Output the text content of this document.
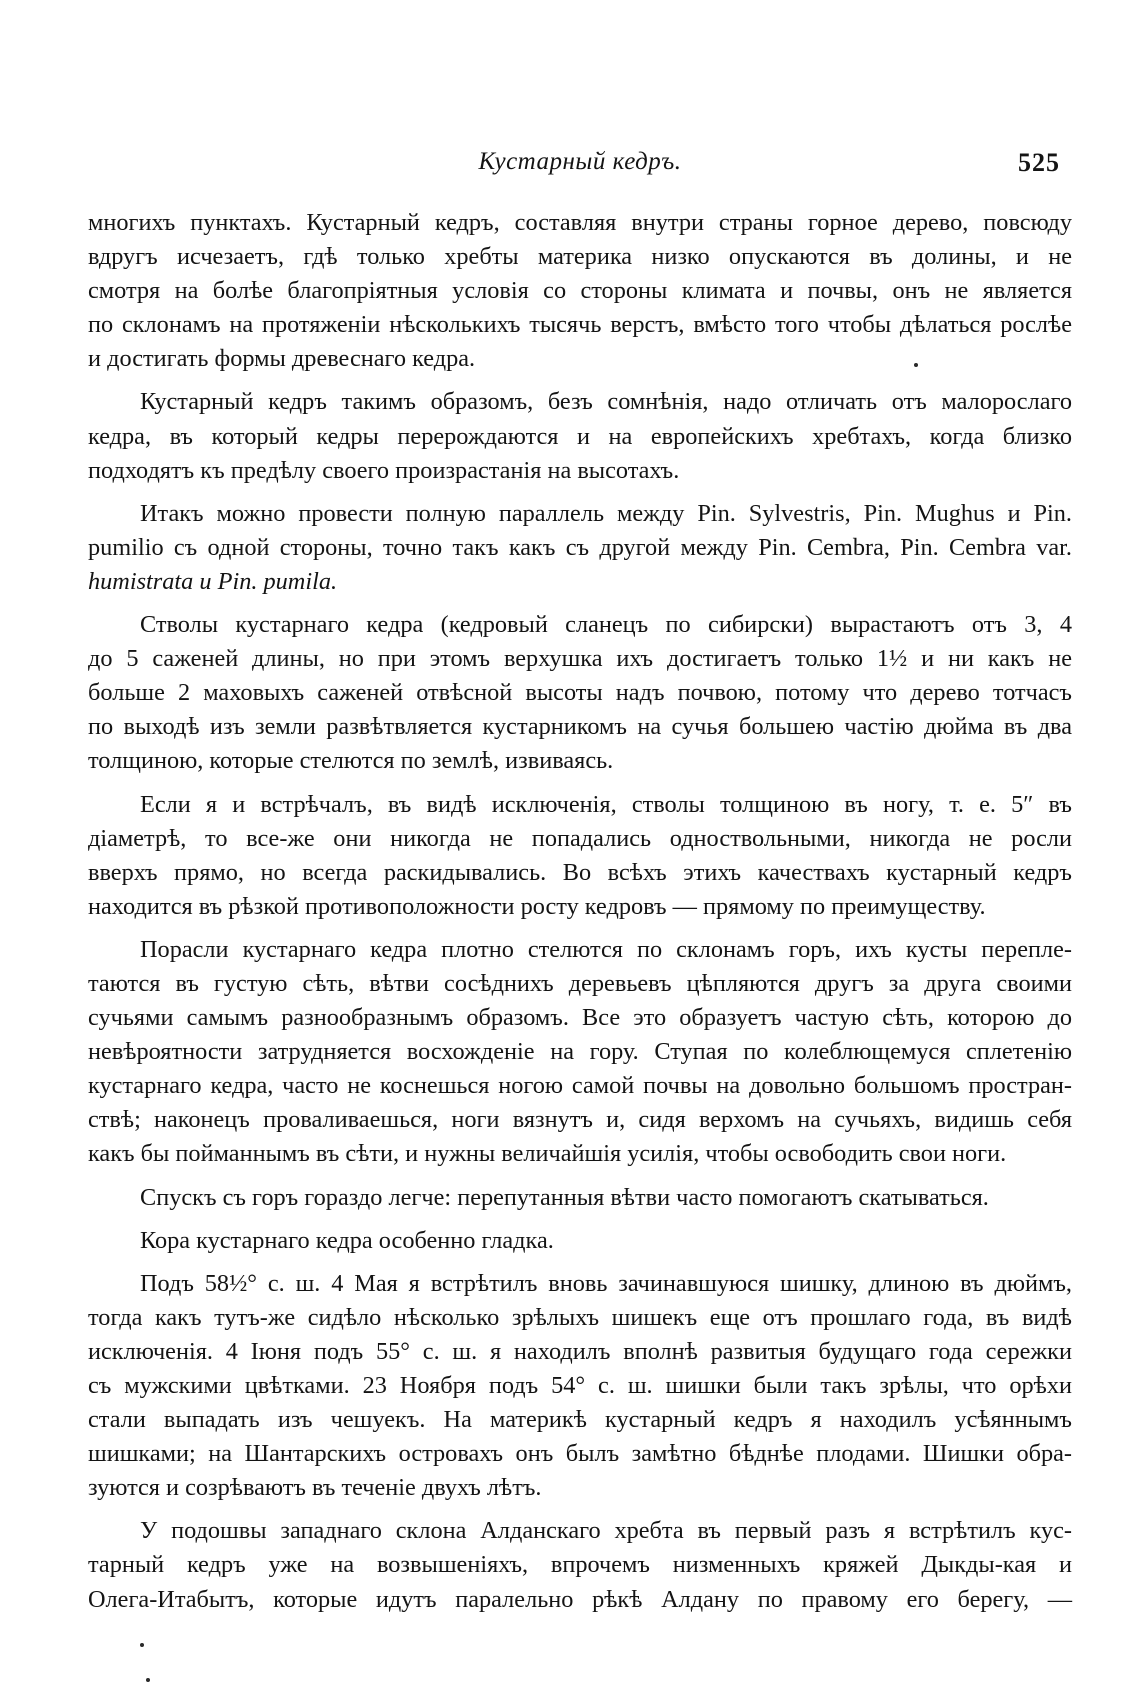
Кустарный кедръ.	525
многихъ пунктахъ. Кустарный кедръ, составляя внутри страны горное дерево, повсюду
вдругъ исчезаетъ, гдѣ только хребты материка низко опускаются въ долины, и не
смотря на болѣе благопріятныя условія со стороны климата и почвы, онъ не является
по склонамъ на протяженіи нѣсколькихъ тысячь верстъ, вмѣсто того чтобы дѣлаться рослѣе
и достигать формы древеснаго кедра.
Кустарный кедръ такимъ образомъ, безъ сомнѣнія, надо отличать отъ малорослаго
кедра, въ который кедры перерождаются и на европейскихъ хребтахъ, когда близко
подходятъ къ предѣлу своего произрастанія на высотахъ.
Итакъ можно провести полную параллель между Pin. Sylvestris, Pin. Mughus и Pin.
pumilio съ одной стороны, точно такъ какъ съ другой между Pin. Cembra, Pin. Cembra var.
humistrata и Pin. pumila.
Стволы кустарнаго кедра (кедровый сланецъ по сибирски) вырастаютъ отъ 3, 4
до 5 саженей длины, но при этомъ верхушка ихъ достигаетъ только 1½ и ни какъ не
больше 2 маховыхъ саженей отвѣсной высоты надъ почвою, потому что дерево тотчасъ
по выходѣ изъ земли развѣтвляется кустарникомъ на сучья большею частію дюйма въ два
толщиною, которые стелются по землѣ, извиваясь.
Если я и встрѣчалъ, въ видѣ исключенія, стволы толщиною въ ногу, т. е. 5″ въ
діаметрѣ, то все-же они никогда не попадались одноствольными, никогда не росли
вверхъ прямо, но всегда раскидывались. Во всѣхъ этихъ качествахъ кустарный кедръ
находится въ рѣзкой противоположности росту кедровъ — прямому по преимуществу.
Порасли кустарнаго кедра плотно стелются по склонамъ горъ, ихъ кусты переплe-
таются въ густую сѣть, вѣтви сосѣднихъ деревьевъ цѣпляются другъ за друга своими
сучьями самымъ разнообразнымъ образомъ. Все это образуетъ частую сѣть, которою до
невѣроятности затрудняется восхожденіе на гору. Ступая по колеблющемуся сплетенію
кустарнаго кедра, часто не коснешься ногою самой почвы на довольно большомъ простран-
ствѣ; наконецъ проваливаешься, ноги вязнутъ и, сидя верхомъ на сучьяхъ, видишь себя
какъ бы пойманнымъ въ сѣти, и нужны величайшія усилія, чтобы освободить свои ноги.
Спускъ съ горъ гораздо легче: перепутанныя вѣтви часто помогаютъ скатываться.
Кора кустарнаго кедра особенно гладка.
Подъ 58½° с. ш. 4 Мая я встрѣтилъ вновь зачинавшуюся шишку, длиною въ дюймъ,
тогда какъ тутъ-же сидѣло нѣсколько зрѣлыхъ шишекъ еще отъ прошлаго года, въ видѣ
исключенія. 4 Іюня подъ 55° с. ш. я находилъ вполнѣ развитыя будущаго года сережки
съ мужскими цвѣтками. 23 Ноября подъ 54° с. ш. шишки были такъ зрѣлы, что орѣхи
стали выпадать изъ чешуекъ. На материкѣ кустарный кедръ я находилъ усѣяннымъ
шишками; на Шантарскихъ островахъ онъ былъ замѣтно бѣднѣе плодами. Шишки обра-
зуются и созрѣваютъ въ теченіе двухъ лѣтъ.
У подошвы западнаго склона Алданскаго хребта въ первый разъ я встрѣтилъ кус-
тарный кедръ уже на возвышеніяхъ, впрочемъ низменныхъ кряжей Дыкды-кая и
Олега-Итабытъ, которые идутъ паралельно рѣкѣ Алдану по правому его берегу, —
